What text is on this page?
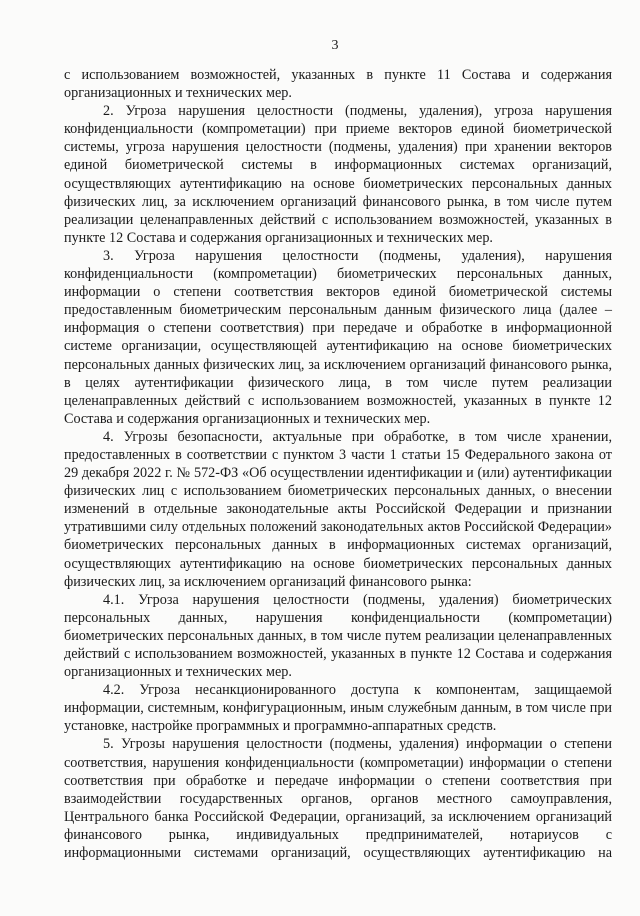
3

с использованием возможностей, указанных в пункте 11 Состава и содержания организационных и технических мер.

2. Угроза нарушения целостности (подмены, удаления), угроза нарушения конфиденциальности (компрометации) при приеме векторов единой биометрической системы, угроза нарушения целостности (подмены, удаления) при хранении векторов единой биометрической системы в информационных системах организаций, осуществляющих аутентификацию на основе биометрических персональных данных физических лиц, за исключением организаций финансового рынка, в том числе путем реализации целенаправленных действий с использованием возможностей, указанных в пункте 12 Состава и содержания организационных и технических мер.

3. Угроза нарушения целостности (подмены, удаления), нарушения конфиденциальности (компрометации) биометрических персональных данных, информации о степени соответствия векторов единой биометрической системы предоставленным биометрическим персональным данным физического лица (далее – информация о степени соответствия) при передаче и обработке в информационной системе организации, осуществляющей аутентификацию на основе биометрических персональных данных физических лиц, за исключением организаций финансового рынка, в целях аутентификации физического лица, в том числе путем реализации целенаправленных действий с использованием возможностей, указанных в пункте 12 Состава и содержания организационных и технических мер.

4. Угрозы безопасности, актуальные при обработке, в том числе хранении, предоставленных в соответствии с пунктом 3 части 1 статьи 15 Федерального закона от 29 декабря 2022 г. № 572-ФЗ «Об осуществлении идентификации и (или) аутентификации физических лиц с использованием биометрических персональных данных, о внесении изменений в отдельные законодательные акты Российской Федерации и признании утратившими силу отдельных положений законодательных актов Российской Федерации» биометрических персональных данных в информационных системах организаций, осуществляющих аутентификацию на основе биометрических персональных данных физических лиц, за исключением организаций финансового рынка:

4.1. Угроза нарушения целостности (подмены, удаления) биометрических персональных данных, нарушения конфиденциальности (компрометации) биометрических персональных данных, в том числе путем реализации целенаправленных действий с использованием возможностей, указанных в пункте 12 Состава и содержания организационных и технических мер.

4.2. Угроза несанкционированного доступа к компонентам, защищаемой информации, системным, конфигурационным, иным служебным данным, в том числе при установке, настройке программных и программно-аппаратных средств.

5. Угрозы нарушения целостности (подмены, удаления) информации о степени соответствия, нарушения конфиденциальности (компрометации) информации о степени соответствия при обработке и передаче информации о степени соответствия при взаимодействии государственных органов, органов местного самоуправления, Центрального банка Российской Федерации, организаций, за исключением организаций финансового рынка, индивидуальных предпринимателей, нотариусов с информационными системами организаций, осуществляющих аутентификацию на
